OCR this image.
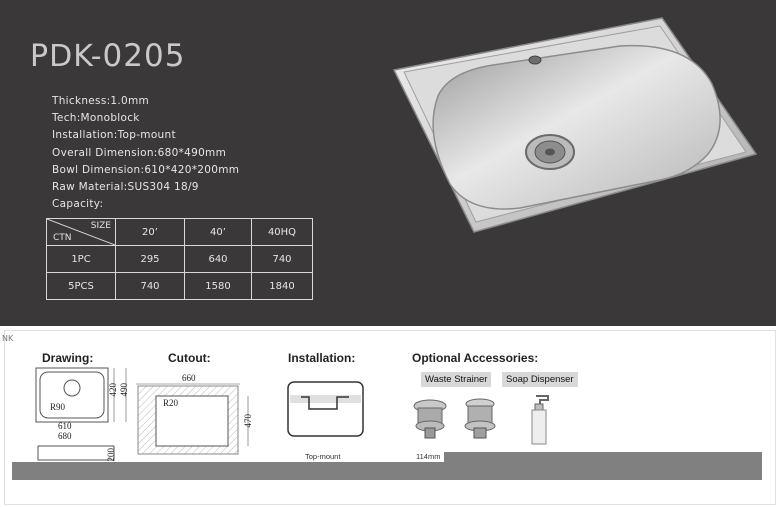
PDK-0205
Thickness:1.0mm
Tech:Monoblock
Installation:Top-mount
Overall Dimension:680*490mm
Bowl Dimension:610*420*200mm
Raw Material:SUS304 18/9
Capacity:
SIZE
CTN	20’	40’	40HQ
1PC	295	640	740
5PCS	740	1580	1840
NK
Drawing:
R90
610
680
420 490
200
Cutout:
660
R20
470
Installation:
Top-mount
Optional Accessories:
Waste Strainer	Soap Dispenser
114mm
